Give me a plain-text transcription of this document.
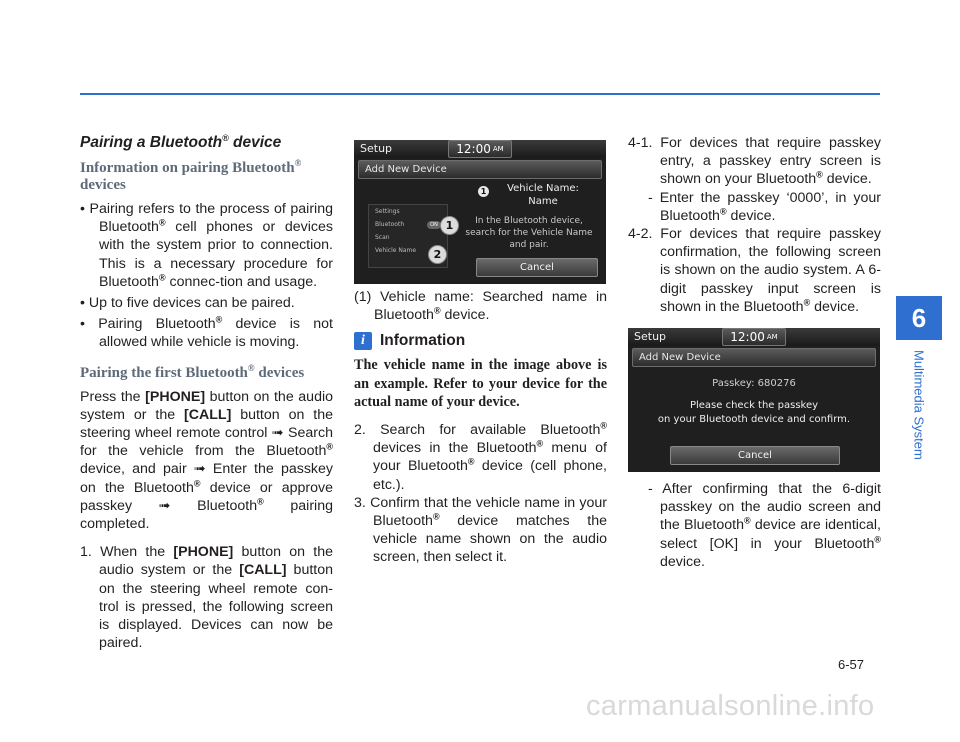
6
Multimedia System
6-57
carmanualsonline.info

Pairing a Bluetooth® device

Information on pairing Bluetooth® devices

• Pairing refers to the process of pairing Bluetooth® cell phones or devices with the system prior to connection. This is a necessary procedure for Bluetooth® connec-tion and usage.

• Up to five devices can be paired.

• Pairing Bluetooth® device is not allowed while vehicle is moving.

Pairing the first Bluetooth® devices

Press the [PHONE] button on the audio system or the [CALL] button on the steering wheel remote control ➟ Search for the vehicle from the Bluetooth® device, and pair ➟ Enter the passkey on the Bluetooth® device or approve passkey ➟ Bluetooth® pairing completed.

1. When the [PHONE] button on the audio system or the [CALL] button on the steering wheel remote con-trol is pressed, the following screen is displayed. Devices can now be paired.

Setup	12:00 AM
Add New Device
Settings
Bluetooth
Scan
Vehicle Name
ON 1
2
1	Vehicle Name:
Name
In the Bluetooth device,
search for the Vehicle Name
and pair.
Cancel

(1) Vehicle name: Searched name in Bluetooth® device.

i Information

The vehicle name in the image above is an example. Refer to your device for the actual name of your device.

2. Search for available Bluetooth® devices in the Bluetooth® menu of your Bluetooth® device (cell phone, etc.).

3. Confirm that the vehicle name in your Bluetooth® device matches the vehicle name shown on the audio screen, then select it.

4-1. For devices that require passkey entry, a passkey entry screen is shown on your Bluetooth® device.

- Enter the passkey ‘0000’, in your Bluetooth® device.

4-2. For devices that require passkey confirmation, the following screen is shown on the audio system. A 6-digit passkey input screen is shown in the Bluetooth® device.

Setup	12:00 AM
Add New Device
Passkey: 680276
Please check the passkey
on your Bluetooth device and confirm.
Cancel

- After confirming that the 6-digit passkey on the audio screen and the Bluetooth® device are identical, select [OK] in your Bluetooth® device.
